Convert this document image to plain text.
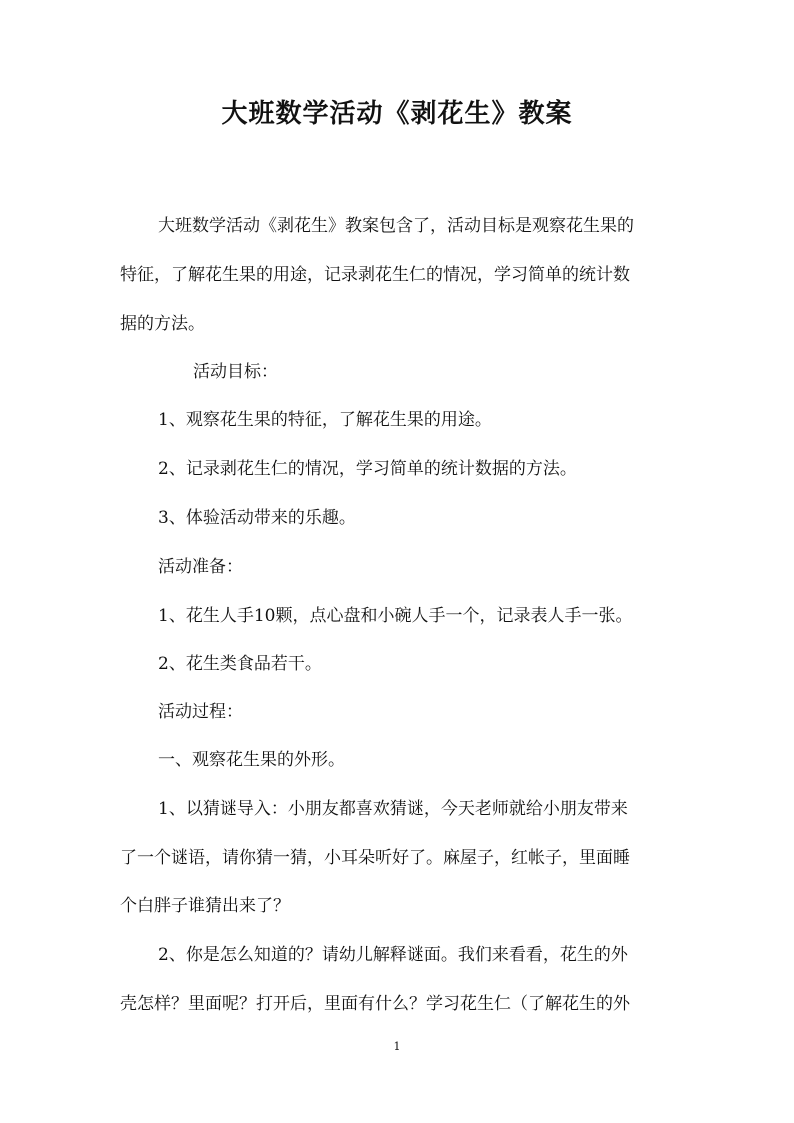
大班数学活动《剥花生》教案
大班数学活动《剥花生》教案包含了，活动目标是观察花生果的
特征，了解花生果的用途，记录剥花生仁的情况，学习简单的统计数
据的方法。
活动目标：
1、观察花生果的特征，了解花生果的用途。
2、记录剥花生仁的情况，学习简单的统计数据的方法。
3、体验活动带来的乐趣。
活动准备：
1、花生人手10颗，点心盘和小碗人手一个，记录表人手一张。
2、花生类食品若干。
活动过程：
一、观察花生果的外形。
1、以猜谜导入：小朋友都喜欢猜谜，今天老师就给小朋友带来
了一个谜语，请你猜一猜，小耳朵听好了。麻屋子，红帐子，里面睡
个白胖子谁猜出来了？
2、你是怎么知道的？请幼儿解释谜面。我们来看看，花生的外
壳怎样？里面呢？打开后，里面有什么？学习花生仁（了解花生的外
1
